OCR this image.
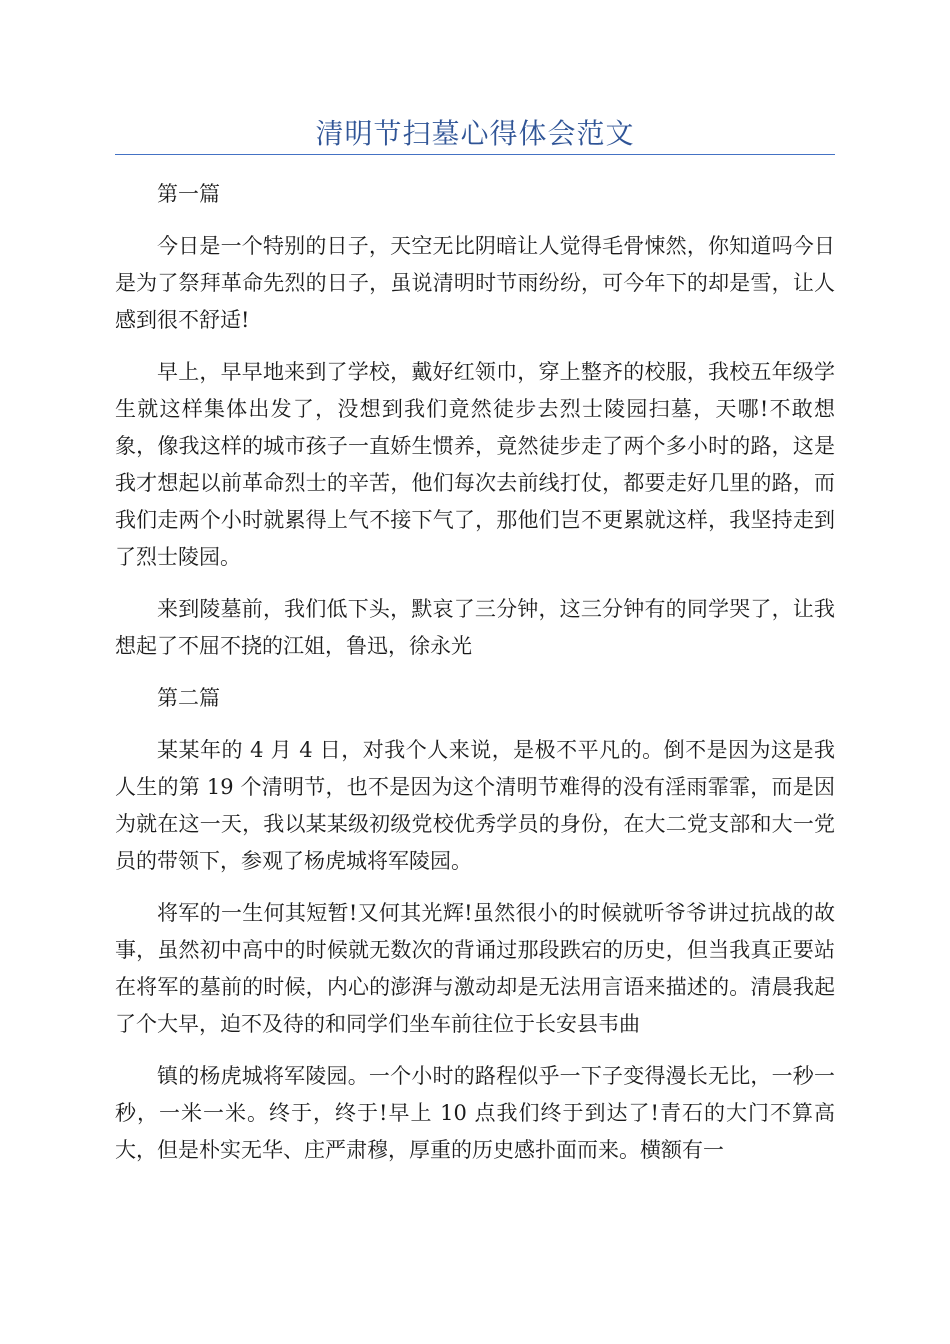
清明节扫墓心得体会范文

第一篇

今日是一个特别的日子，天空无比阴暗让人觉得毛骨悚然，你知道吗今日是为了祭拜革命先烈的日子，虽说清明时节雨纷纷，可今年下的却是雪，让人感到很不舒适!

早上，早早地来到了学校，戴好红领巾，穿上整齐的校服，我校五年级学生就这样集体出发了，没想到我们竟然徒步去烈士陵园扫墓，天哪!不敢想象，像我这样的城市孩子一直娇生惯养，竟然徒步走了两个多小时的路，这是我才想起以前革命烈士的辛苦，他们每次去前线打仗，都要走好几里的路，而我们走两个小时就累得上气不接下气了，那他们岂不更累就这样，我坚持走到了烈士陵园。

来到陵墓前，我们低下头，默哀了三分钟，这三分钟有的同学哭了，让我想起了不屈不挠的江姐，鲁迅，徐永光

第二篇

某某年的 4 月 4 日，对我个人来说，是极不平凡的。倒不是因为这是我人生的第 19 个清明节，也不是因为这个清明节难得的没有淫雨霏霏，而是因为就在这一天，我以某某级初级党校优秀学员的身份，在大二党支部和大一党员的带领下，参观了杨虎城将军陵园。

将军的一生何其短暂!又何其光辉!虽然很小的时候就听爷爷讲过抗战的故事，虽然初中高中的时候就无数次的背诵过那段跌宕的历史，但当我真正要站在将军的墓前的时候，内心的澎湃与激动却是无法用言语来描述的。清晨我起了个大早，迫不及待的和同学们坐车前往位于长安县韦曲

镇的杨虎城将军陵园。一个小时的路程似乎一下子变得漫长无比，一秒一秒，一米一米。终于，终于!早上 10 点我们终于到达了!青石的大门不算高大，但是朴实无华、庄严肃穆，厚重的历史感扑面而来。横额有一
